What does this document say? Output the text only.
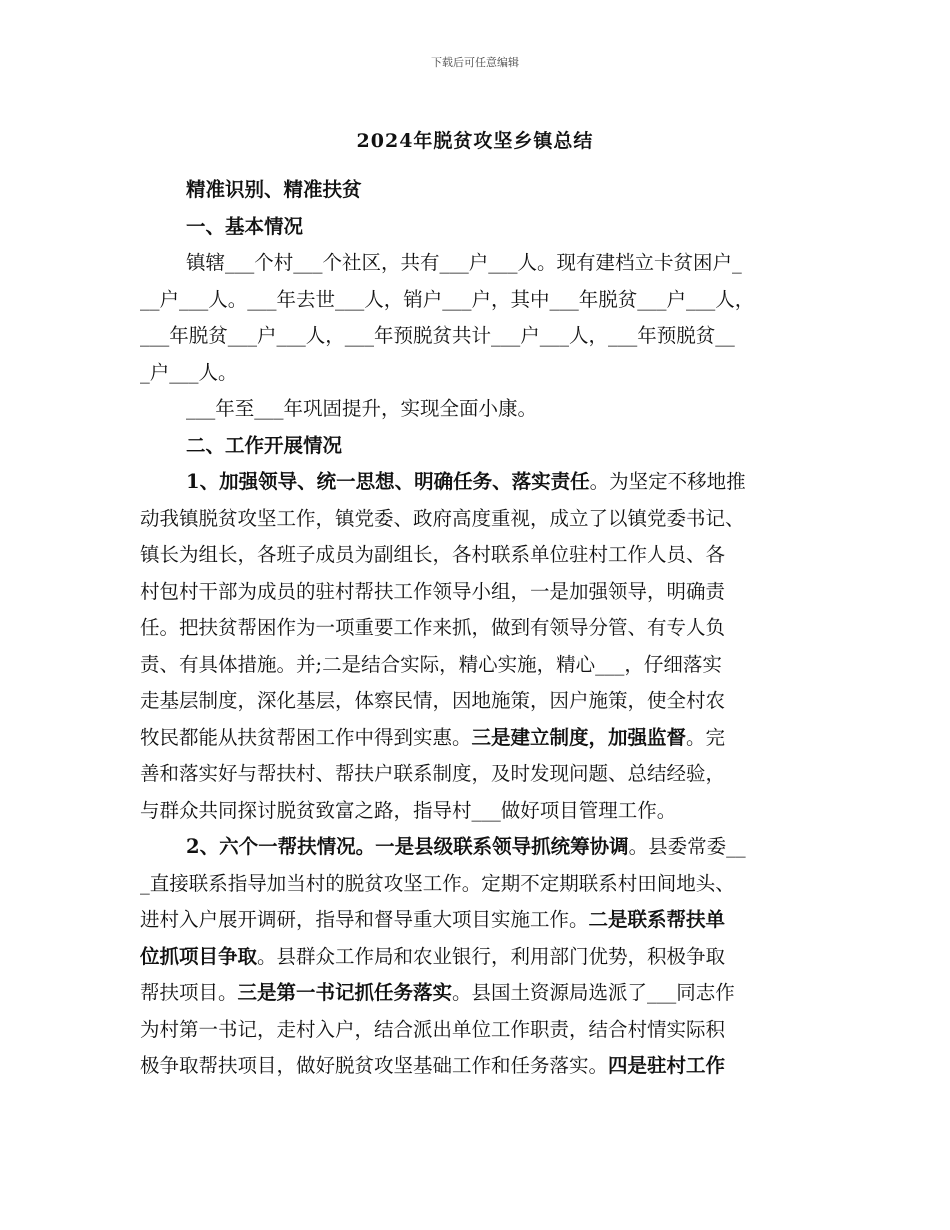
下载后可任意编辑
2024年脱贫攻坚乡镇总结
精准识别、精准扶贫
一、基本情况
镇辖___个村___个社区，共有___户___人。现有建档立卡贫困户_
__户___人。___年去世___人，销户___户，其中___年脱贫___户___人，
___年脱贫___户___人，___年预脱贫共计___户___人，___年预脱贫__
_户___人。
___年至___年巩固提升，实现全面小康。
二、工作开展情况
1、加强领导、统一思想、明确任务、落实责任。为坚定不移地推
动我镇脱贫攻坚工作，镇党委、政府高度重视，成立了以镇党委书记、
镇长为组长，各班子成员为副组长，各村联系单位驻村工作人员、各
村包村干部为成员的驻村帮扶工作领导小组，一是加强领导，明确责
任。把扶贫帮困作为一项重要工作来抓，做到有领导分管、有专人负
责、有具体措施。并;二是结合实际，精心实施，精心___，仔细落实
走基层制度，深化基层，体察民情，因地施策，因户施策，使全村农
牧民都能从扶贫帮困工作中得到实惠。三是建立制度，加强监督。完
善和落实好与帮扶村、帮扶户联系制度，及时发现问题、总结经验，
与群众共同探讨脱贫致富之路，指导村___做好项目管理工作。
2、六个一帮扶情况。一是县级联系领导抓统筹协调。县委常委__
_直接联系指导加当村的脱贫攻坚工作。定期不定期联系村田间地头、
进村入户展开调研，指导和督导重大项目实施工作。二是联系帮扶单
位抓项目争取。县群众工作局和农业银行，利用部门优势，积极争取
帮扶项目。三是第一书记抓任务落实。县国土资源局选派了___同志作
为村第一书记，走村入户，结合派出单位工作职责，结合村情实际积
极争取帮扶项目，做好脱贫攻坚基础工作和任务落实。四是驻村工作
